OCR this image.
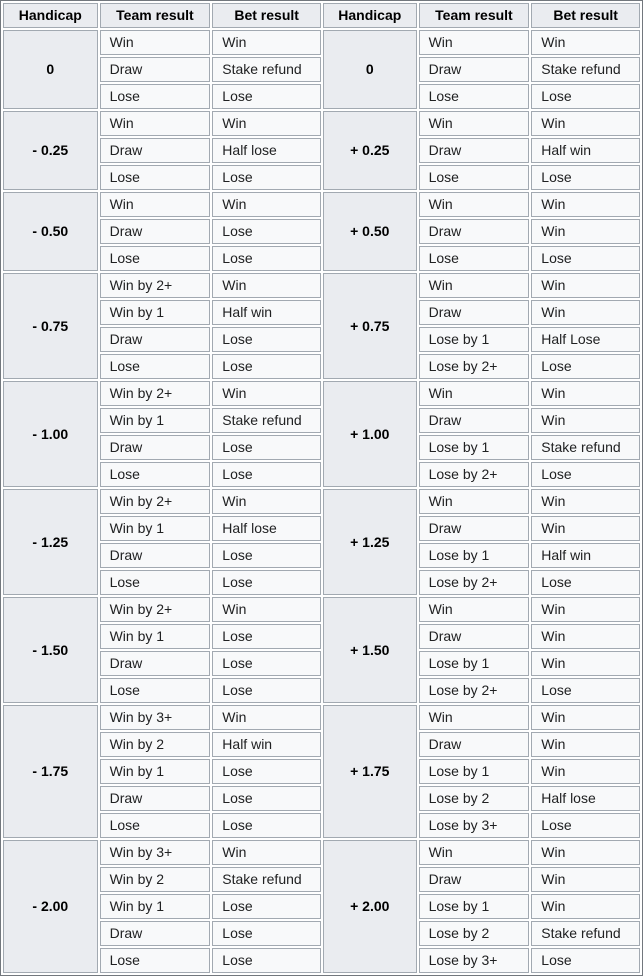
Handicap	Team result	Bet result	Handicap	Team result	Bet result
0	Win	Win	0	Win	Win
	Draw	Stake refund		Draw	Stake refund
	Lose	Lose		Lose	Lose
- 0.25	Win	Win	+ 0.25	Win	Win
	Draw	Half lose		Draw	Half win
	Lose	Lose		Lose	Lose
- 0.50	Win	Win	+ 0.50	Win	Win
	Draw	Lose		Draw	Win
	Lose	Lose		Lose	Lose
- 0.75	Win by 2+	Win	+ 0.75	Win	Win
	Win by 1	Half win		Draw	Win
	Draw	Lose		Lose by 1	Half Lose
	Lose	Lose		Lose by 2+	Lose
- 1.00	Win by 2+	Win	+ 1.00	Win	Win
	Win by 1	Stake refund		Draw	Win
	Draw	Lose		Lose by 1	Stake refund
	Lose	Lose		Lose by 2+	Lose
- 1.25	Win by 2+	Win	+ 1.25	Win	Win
	Win by 1	Half lose		Draw	Win
	Draw	Lose		Lose by 1	Half win
	Lose	Lose		Lose by 2+	Lose
- 1.50	Win by 2+	Win	+ 1.50	Win	Win
	Win by 1	Lose		Draw	Win
	Draw	Lose		Lose by 1	Win
	Lose	Lose		Lose by 2+	Lose
- 1.75	Win by 3+	Win	+ 1.75	Win	Win
	Win by 2	Half win		Draw	Win
	Win by 1	Lose		Lose by 1	Win
	Draw	Lose		Lose by 2	Half lose
	Lose	Lose		Lose by 3+	Lose
- 2.00	Win by 3+	Win	+ 2.00	Win	Win
	Win by 2	Stake refund		Draw	Win
	Win by 1	Lose		Lose by 1	Win
	Draw	Lose		Lose by 2	Stake refund
	Lose	Lose		Lose by 3+	Lose
